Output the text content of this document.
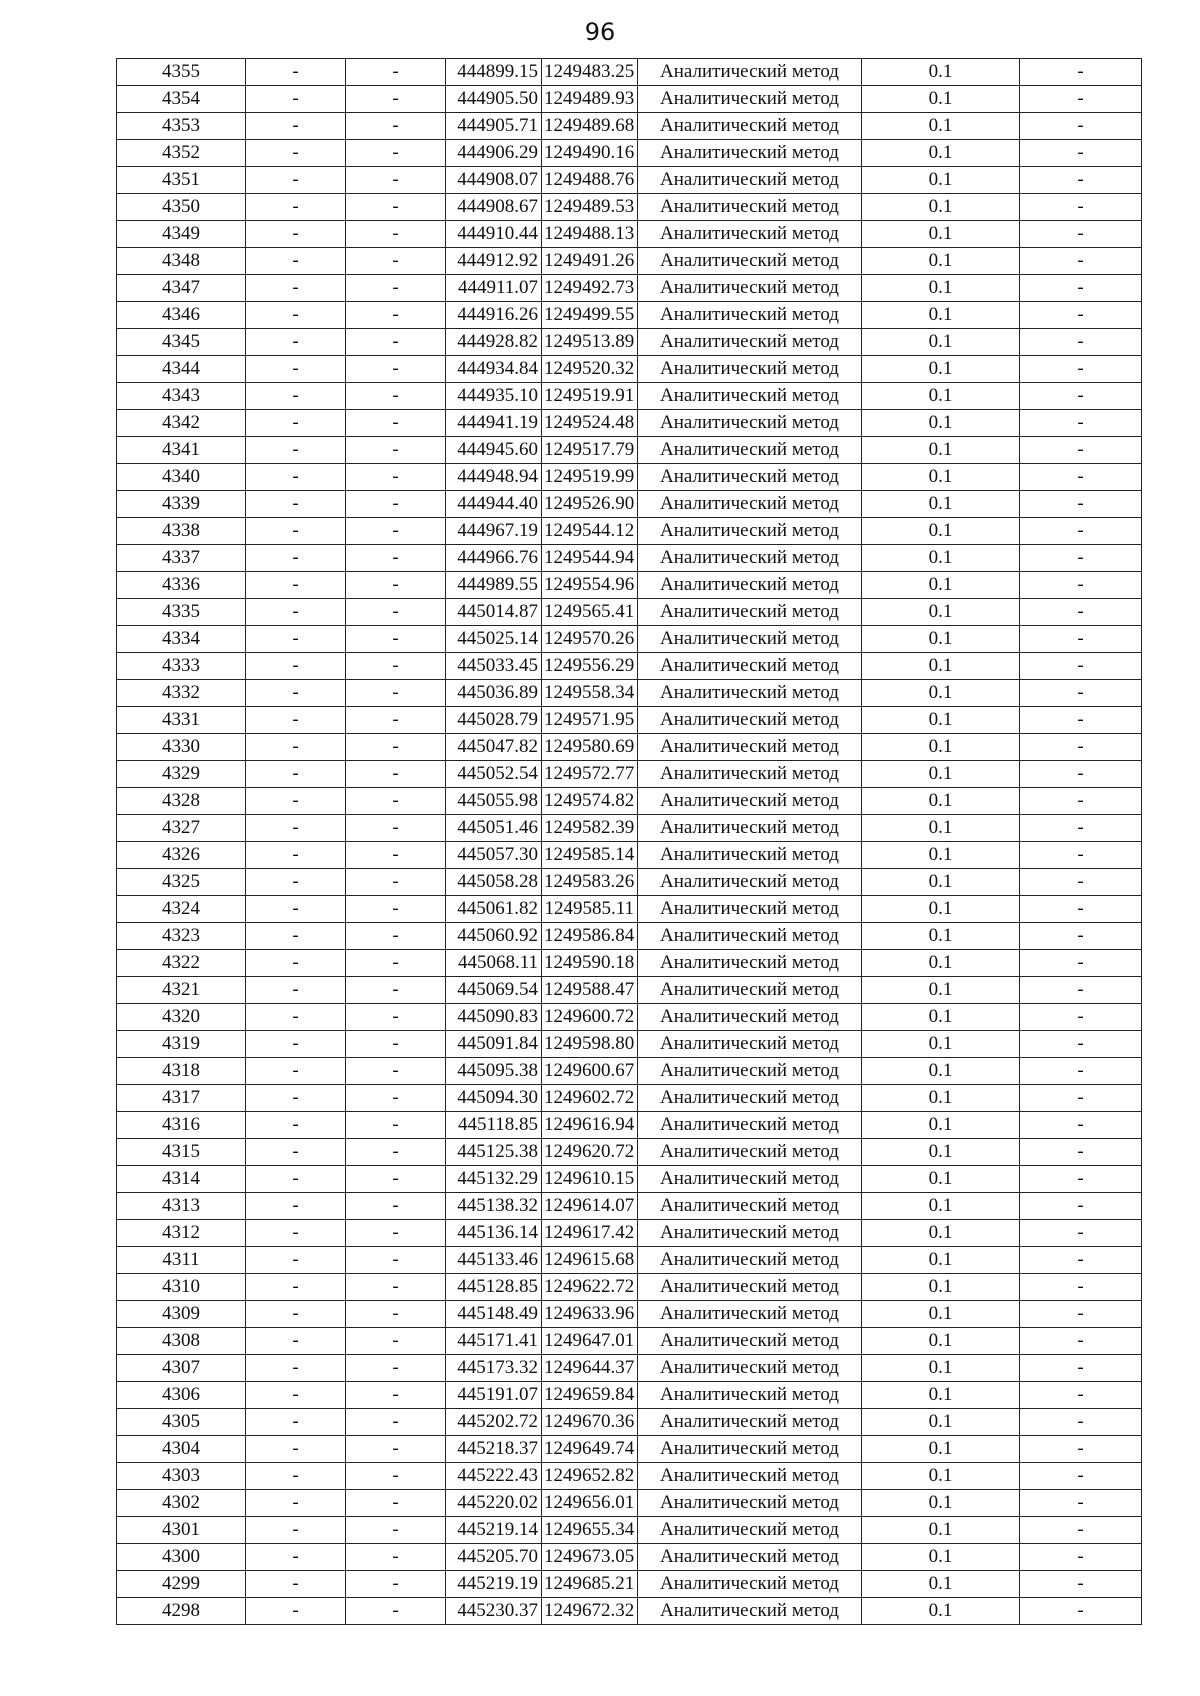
96
4355	-	-	444899.15	1249483.25	Аналитический метод	0.1	-
4354	-	-	444905.50	1249489.93	Аналитический метод	0.1	-
4353	-	-	444905.71	1249489.68	Аналитический метод	0.1	-
4352	-	-	444906.29	1249490.16	Аналитический метод	0.1	-
4351	-	-	444908.07	1249488.76	Аналитический метод	0.1	-
4350	-	-	444908.67	1249489.53	Аналитический метод	0.1	-
4349	-	-	444910.44	1249488.13	Аналитический метод	0.1	-
4348	-	-	444912.92	1249491.26	Аналитический метод	0.1	-
4347	-	-	444911.07	1249492.73	Аналитический метод	0.1	-
4346	-	-	444916.26	1249499.55	Аналитический метод	0.1	-
4345	-	-	444928.82	1249513.89	Аналитический метод	0.1	-
4344	-	-	444934.84	1249520.32	Аналитический метод	0.1	-
4343	-	-	444935.10	1249519.91	Аналитический метод	0.1	-
4342	-	-	444941.19	1249524.48	Аналитический метод	0.1	-
4341	-	-	444945.60	1249517.79	Аналитический метод	0.1	-
4340	-	-	444948.94	1249519.99	Аналитический метод	0.1	-
4339	-	-	444944.40	1249526.90	Аналитический метод	0.1	-
4338	-	-	444967.19	1249544.12	Аналитический метод	0.1	-
4337	-	-	444966.76	1249544.94	Аналитический метод	0.1	-
4336	-	-	444989.55	1249554.96	Аналитический метод	0.1	-
4335	-	-	445014.87	1249565.41	Аналитический метод	0.1	-
4334	-	-	445025.14	1249570.26	Аналитический метод	0.1	-
4333	-	-	445033.45	1249556.29	Аналитический метод	0.1	-
4332	-	-	445036.89	1249558.34	Аналитический метод	0.1	-
4331	-	-	445028.79	1249571.95	Аналитический метод	0.1	-
4330	-	-	445047.82	1249580.69	Аналитический метод	0.1	-
4329	-	-	445052.54	1249572.77	Аналитический метод	0.1	-
4328	-	-	445055.98	1249574.82	Аналитический метод	0.1	-
4327	-	-	445051.46	1249582.39	Аналитический метод	0.1	-
4326	-	-	445057.30	1249585.14	Аналитический метод	0.1	-
4325	-	-	445058.28	1249583.26	Аналитический метод	0.1	-
4324	-	-	445061.82	1249585.11	Аналитический метод	0.1	-
4323	-	-	445060.92	1249586.84	Аналитический метод	0.1	-
4322	-	-	445068.11	1249590.18	Аналитический метод	0.1	-
4321	-	-	445069.54	1249588.47	Аналитический метод	0.1	-
4320	-	-	445090.83	1249600.72	Аналитический метод	0.1	-
4319	-	-	445091.84	1249598.80	Аналитический метод	0.1	-
4318	-	-	445095.38	1249600.67	Аналитический метод	0.1	-
4317	-	-	445094.30	1249602.72	Аналитический метод	0.1	-
4316	-	-	445118.85	1249616.94	Аналитический метод	0.1	-
4315	-	-	445125.38	1249620.72	Аналитический метод	0.1	-
4314	-	-	445132.29	1249610.15	Аналитический метод	0.1	-
4313	-	-	445138.32	1249614.07	Аналитический метод	0.1	-
4312	-	-	445136.14	1249617.42	Аналитический метод	0.1	-
4311	-	-	445133.46	1249615.68	Аналитический метод	0.1	-
4310	-	-	445128.85	1249622.72	Аналитический метод	0.1	-
4309	-	-	445148.49	1249633.96	Аналитический метод	0.1	-
4308	-	-	445171.41	1249647.01	Аналитический метод	0.1	-
4307	-	-	445173.32	1249644.37	Аналитический метод	0.1	-
4306	-	-	445191.07	1249659.84	Аналитический метод	0.1	-
4305	-	-	445202.72	1249670.36	Аналитический метод	0.1	-
4304	-	-	445218.37	1249649.74	Аналитический метод	0.1	-
4303	-	-	445222.43	1249652.82	Аналитический метод	0.1	-
4302	-	-	445220.02	1249656.01	Аналитический метод	0.1	-
4301	-	-	445219.14	1249655.34	Аналитический метод	0.1	-
4300	-	-	445205.70	1249673.05	Аналитический метод	0.1	-
4299	-	-	445219.19	1249685.21	Аналитический метод	0.1	-
4298	-	-	445230.37	1249672.32	Аналитический метод	0.1	-
